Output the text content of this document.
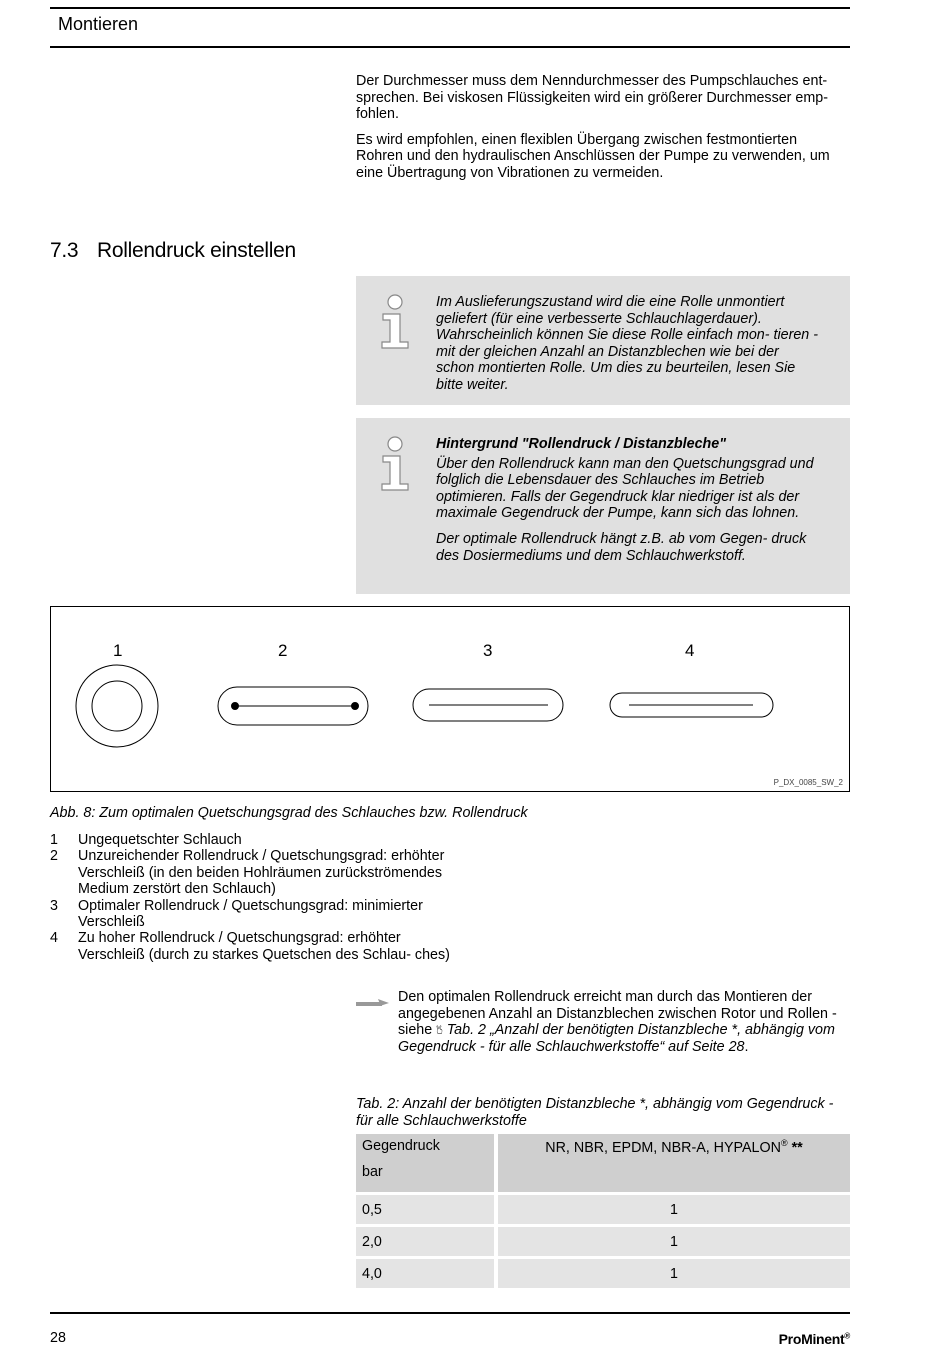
Montieren

Der Durchmesser muss dem Nenndurchmesser des Pumpschlauches ent- sprechen. Bei viskosen Flüssigkeiten wird ein größerer Durchmesser emp- fohlen.

Es wird empfohlen, einen flexiblen Übergang zwischen festmontierten Rohren und den hydraulischen Anschlüssen der Pumpe zu verwenden, um eine Übertragung von Vibrationen zu vermeiden.

7.3 Rollendruck einstellen

Im Auslieferungszustand wird die eine Rolle unmontiert geliefert (für eine verbesserte Schlauchlagerdauer). Wahrscheinlich können Sie diese Rolle einfach mon- tieren - mit der gleichen Anzahl an Distanzblechen wie bei der schon montierten Rolle. Um dies zu beurteilen, lesen Sie bitte weiter.

Hintergrund "Rollendruck / Distanzbleche"

Über den Rollendruck kann man den Quetschungsgrad und folglich die Lebensdauer des Schlauches im Betrieb optimieren. Falls der Gegendruck klar niedriger ist als der maximale Gegendruck der Pumpe, kann sich das lohnen.

Der optimale Rollendruck hängt z.B. ab vom Gegen- druck des Dosiermediums und dem Schlauchwerkstoff.

1	2	3	4
P_DX_0085_SW_2
Abb. 8: Zum optimalen Quetschungsgrad des Schlauches bzw. Rollendruck
1 Ungequetschter Schlauch
2 Unzureichender Rollendruck / Quetschungsgrad: erhöhter Verschleiß (in den beiden Hohlräumen zurückströmendes Medium zerstört den Schlauch)
3 Optimaler Rollendruck / Quetschungsgrad: minimierter Verschleiß
4 Zu hoher Rollendruck / Quetschungsgrad: erhöhter Verschleiß (durch zu starkes Quetschen des Schlau- ches)
Den optimalen Rollendruck erreicht man durch das Montieren der angegebenen Anzahl an Distanzblechen zwischen Rotor und Rollen - siehe 🖔 Tab. 2 „Anzahl der benötigten Distanzbleche *, abhängig vom Gegendruck - für alle Schlauchwerkstoffe“ auf Seite 28.
Tab. 2: Anzahl der benötigten Distanzbleche *, abhängig vom Gegendruck - für alle Schlauchwerkstoffe
Gegendruck
bar	NR, NBR, EPDM, NBR-A, HYPALON® **
0,5	1
2,0	1
4,0	1
28	ProMinent®
